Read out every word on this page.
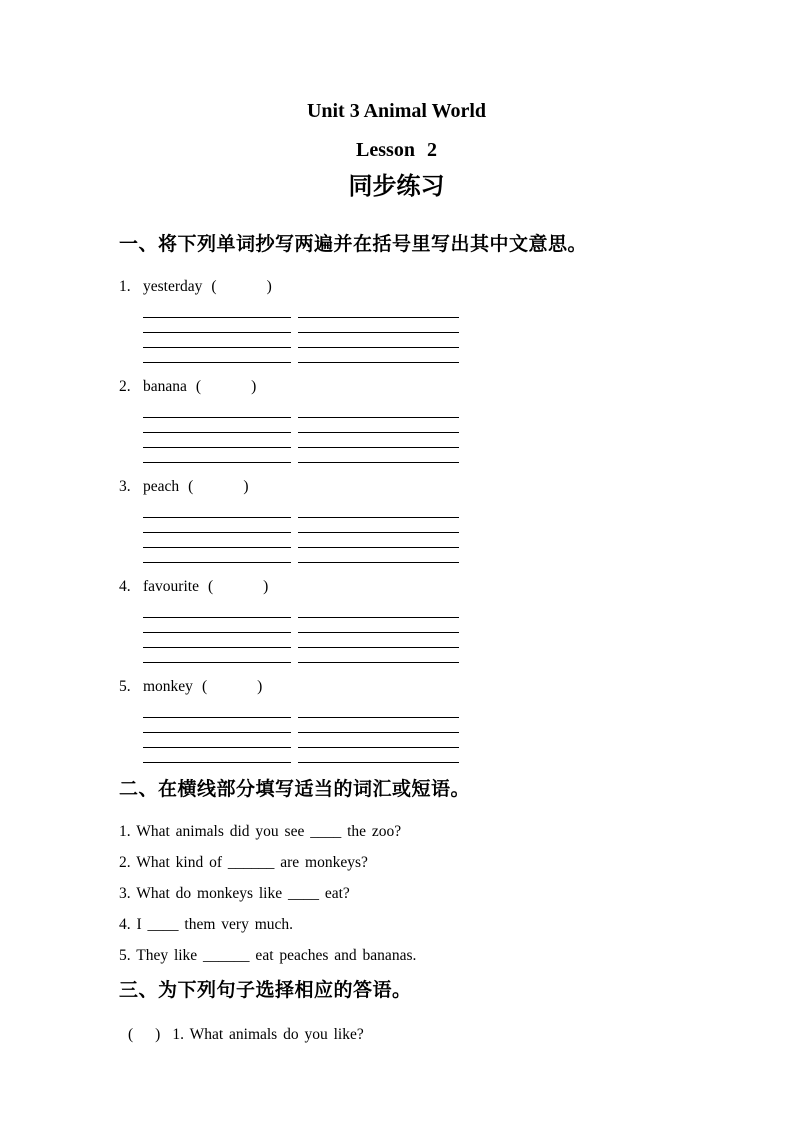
Unit 3 Animal World
Lesson 2
同步练习
一、将下列单词抄写两遍并在括号里写出其中文意思。
1. yesterday (	)
2. banana (	)
3. peach (	)
4. favourite (	)
5. monkey (	)
二、在横线部分填写适当的词汇或短语。

1. What animals did you see ____ the zoo?

2. What kind of ______ are monkeys?

3. What do monkeys like ____ eat?

4. I ____ them very much.

5. They like ______ eat peaches and bananas.

三、为下列句子选择相应的答语。

( ) 1. What animals do you like?
